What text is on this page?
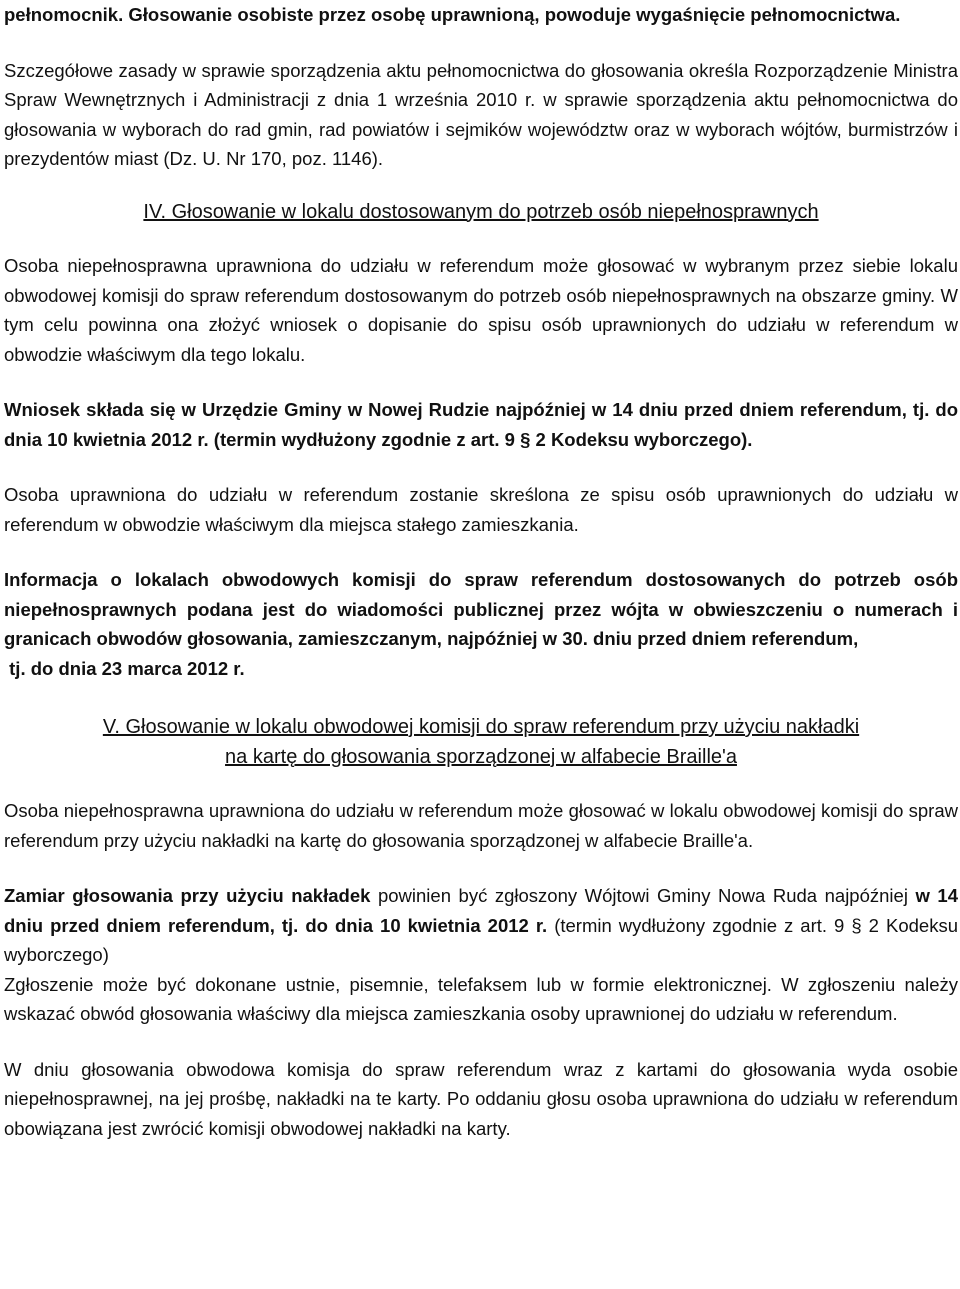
pełnomocnik. Głosowanie osobiste przez osobę uprawnioną, powoduje wygaśnięcie pełnomocnictwa.

Szczegółowe zasady w sprawie sporządzenia aktu pełnomocnictwa do głosowania określa Rozporządzenie Ministra Spraw Wewnętrznych i Administracji z dnia 1 września 2010 r. w sprawie sporządzenia aktu pełnomocnictwa do głosowania w wyborach do rad gmin, rad powiatów i sejmików województw oraz w wyborach wójtów, burmistrzów i prezydentów miast (Dz. U. Nr 170, poz. 1146).

IV. Głosowanie w lokalu dostosowanym do potrzeb osób niepełnosprawnych

Osoba niepełnosprawna uprawniona do udziału w referendum może głosować w wybranym przez siebie lokalu obwodowej komisji do spraw referendum dostosowanym do potrzeb osób niepełnosprawnych na obszarze gminy. W tym celu powinna ona złożyć wniosek o dopisanie do spisu osób uprawnionych do udziału w referendum w obwodzie właściwym dla tego lokalu.

Wniosek składa się w Urzędzie Gminy w Nowej Rudzie najpóźniej w 14 dniu przed dniem referendum, tj. do dnia 10 kwietnia 2012 r. (termin wydłużony zgodnie z art. 9 § 2 Kodeksu wyborczego).

Osoba uprawniona do udziału w referendum zostanie skreślona ze spisu osób uprawnionych do udziału w referendum w obwodzie właściwym dla miejsca stałego zamieszkania.

Informacja o lokalach obwodowych komisji do spraw referendum dostosowanych do potrzeb osób niepełnosprawnych podana jest do wiadomości publicznej przez wójta w obwieszczeniu o numerach i granicach obwodów głosowania, zamieszczanym, najpóźniej w 30. dniu przed dniem referendum,

tj. do dnia 23 marca 2012 r.

V. Głosowanie w lokalu obwodowej komisji do spraw referendum przy użyciu nakładki

na kartę do głosowania sporządzonej w alfabecie Braille'a

Osoba niepełnosprawna uprawniona do udziału w referendum może głosować w lokalu obwodowej komisji do spraw referendum przy użyciu nakładki na kartę do głosowania sporządzonej w alfabecie Braille'a.

Zamiar głosowania przy użyciu nakładek powinien być zgłoszony Wójtowi Gminy Nowa Ruda najpóźniej w 14 dniu przed dniem referendum, tj. do dnia 10 kwietnia 2012 r. (termin wydłużony zgodnie z art. 9 § 2 Kodeksu wyborczego)

Zgłoszenie może być dokonane ustnie, pisemnie, telefaksem lub w formie elektronicznej. W zgłoszeniu należy wskazać obwód głosowania właściwy dla miejsca zamieszkania osoby uprawnionej do udziału w referendum.

W dniu głosowania obwodowa komisja do spraw referendum wraz z kartami do głosowania wyda osobie niepełnosprawnej, na jej prośbę, nakładki na te karty. Po oddaniu głosu osoba uprawniona do udziału w referendum obowiązana jest zwrócić komisji obwodowej nakładki na karty.
